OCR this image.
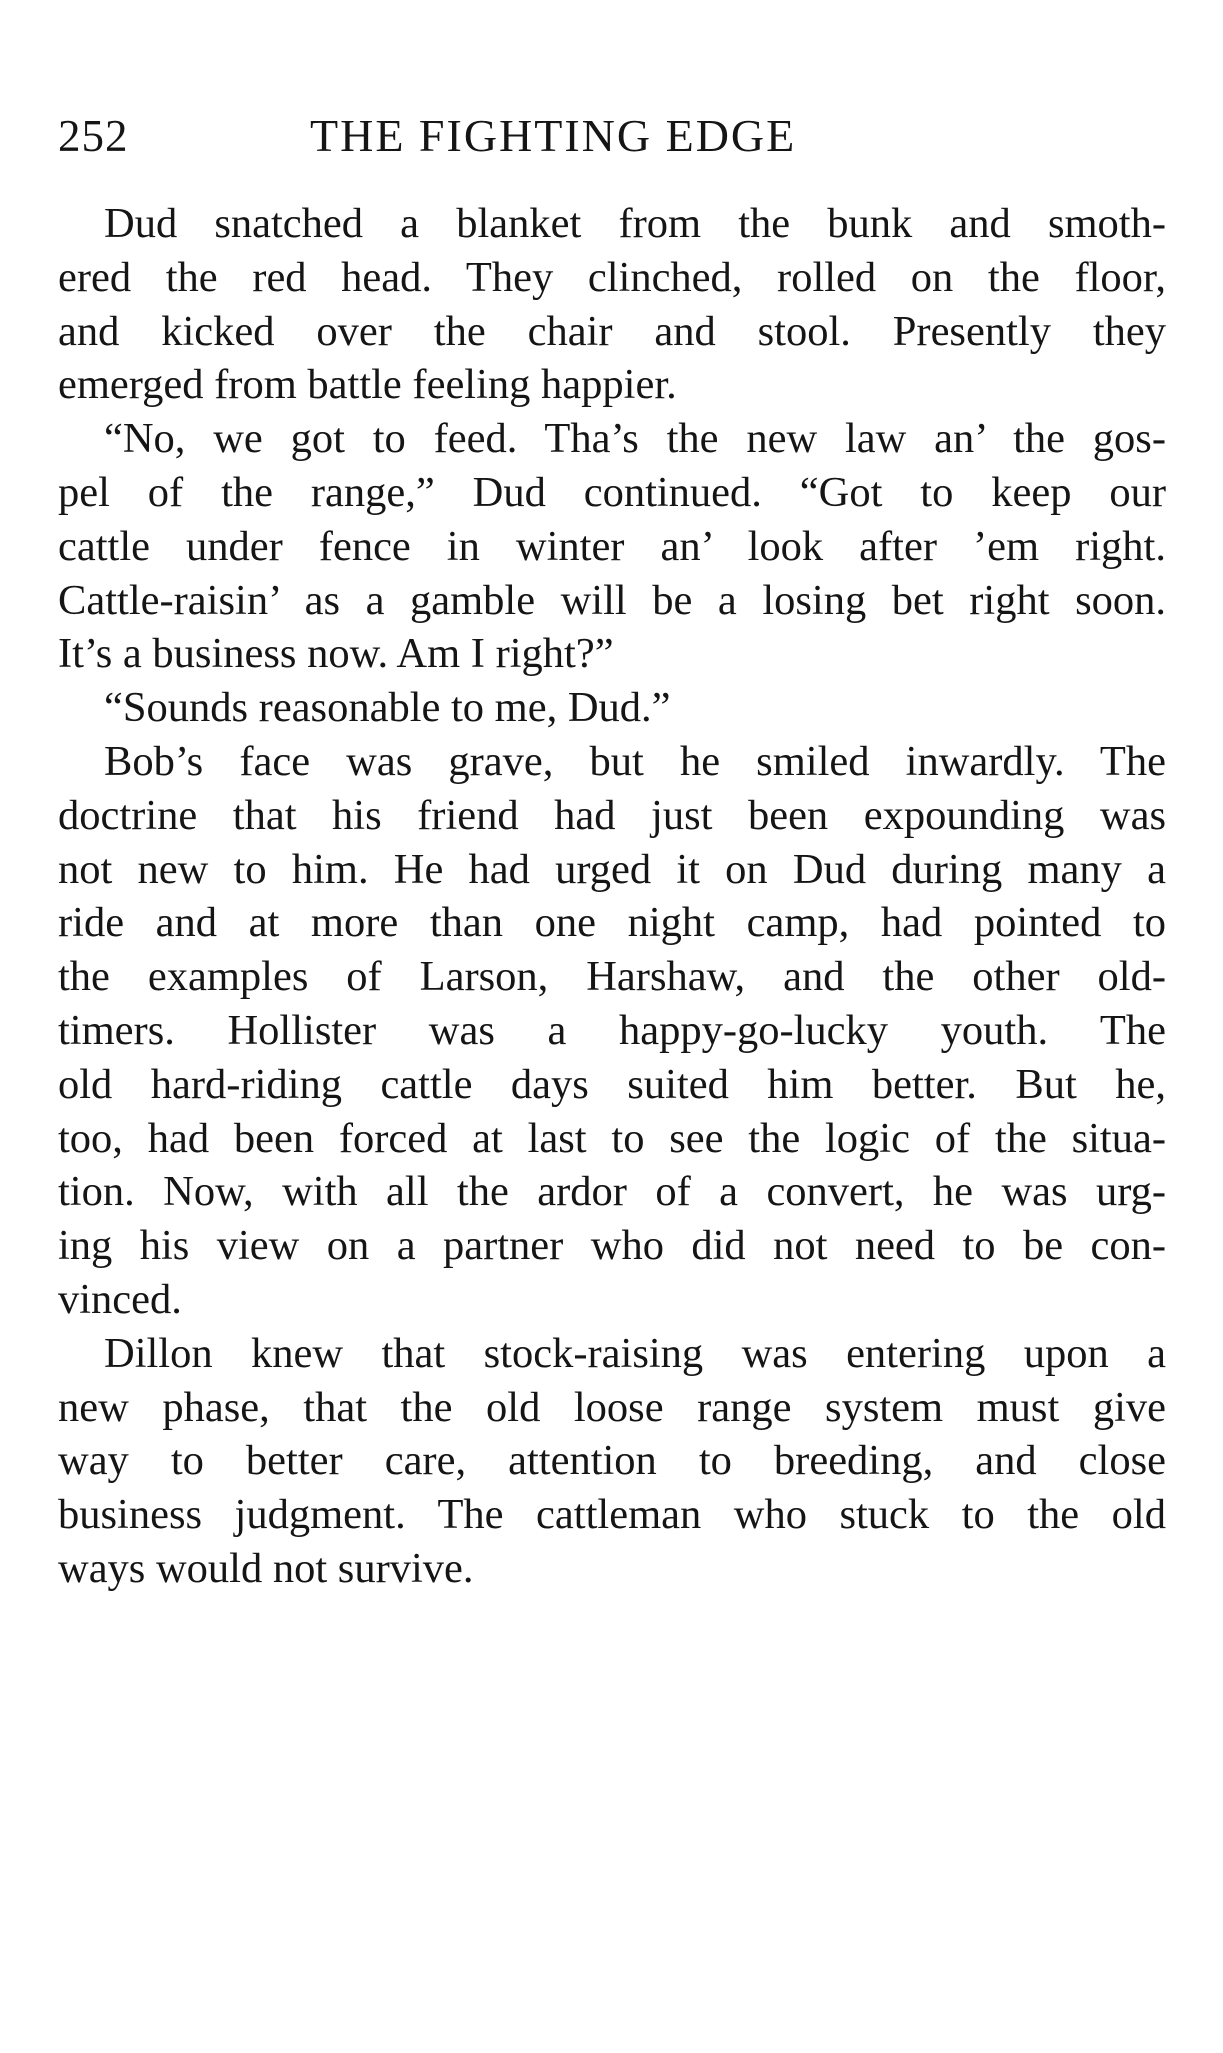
252	THE FIGHTING EDGE
Dud snatched a blanket from the bunk and smoth-
ered the red head. They clinched, rolled on the floor,
and kicked over the chair and stool. Presently they
emerged from battle feeling happier.
“No, we got to feed. Tha’s the new law an’ the gos-
pel of the range,” Dud continued. “Got to keep our
cattle under fence in winter an’ look after ’em right.
Cattle-raisin’ as a gamble will be a losing bet right soon.
It’s a business now. Am I right?”
“Sounds reasonable to me, Dud.”
Bob’s face was grave, but he smiled inwardly. The
doctrine that his friend had just been expounding was
not new to him. He had urged it on Dud during many a
ride and at more than one night camp, had pointed to
the examples of Larson, Harshaw, and the other old-
timers. Hollister was a happy-go-lucky youth. The
old hard-riding cattle days suited him better. But he,
too, had been forced at last to see the logic of the situa-
tion. Now, with all the ardor of a convert, he was urg-
ing his view on a partner who did not need to be con-
vinced.
Dillon knew that stock-raising was entering upon a
new phase, that the old loose range system must give
way to better care, attention to breeding, and close
business judgment. The cattleman who stuck to the old
ways would not survive.
